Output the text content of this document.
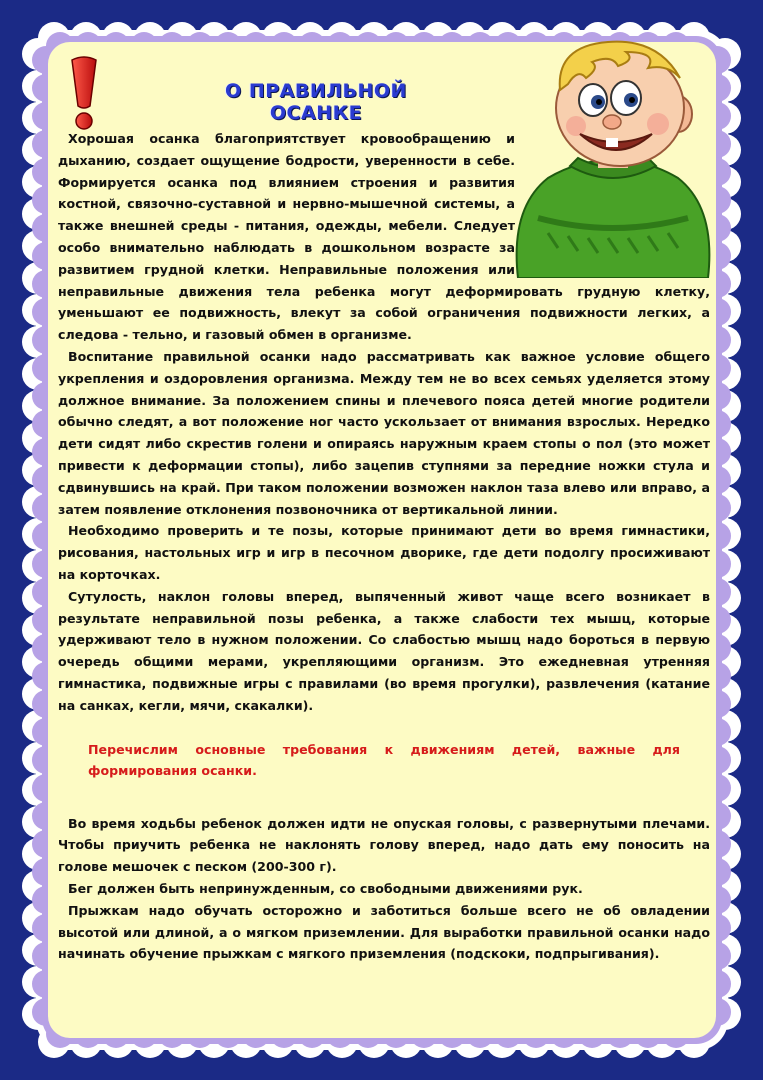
О ПРАВИЛЬНОЙ ОСАНКЕ

Хорошая осанка благоприятствует кровообращению и дыханию, создает ощущение бодрости, уверенности в себе. Формируется осанка под влиянием строения и развития костной, связочно-суставной и нервно-мышечной системы, а также внешней среды - питания, одежды, мебели. Следует особо внимательно наблюдать в дошкольном возрасте за развитием грудной клетки. Неправильные положения или неправильные движения тела ребенка могут деформировать грудную клетку, уменьшают ее подвижность, влекут за собой ограничения подвижности легких, а следова - тельно, и газовый обмен в организме.

Воспитание правильной осанки надо рассматривать как важное условие общего укрепления и оздоровления организма. Между тем не во всех семьях уделяется этому должное внимание. За положением спины и плечевого пояса детей многие родители обычно следят, а вот положение ног часто ускользает от внимания взрослых. Нередко дети сидят либо скрестив голени и опираясь наружным краем стопы о пол (это может привести к деформации стопы), либо зацепив ступнями за передние ножки стула и сдвинувшись на край. При таком положении возможен наклон таза влево или вправо, а затем появление отклонения позвоночника от вертикальной линии.

Необходимо проверить и те позы, которые принимают дети во время гимнастики, рисования, настольных игр и игр в песочном дворике, где дети подолгу просиживают на корточках.

Сутулость, наклон головы вперед, выпяченный живот чаще всего возникает в результате неправильной позы ребенка, а также слабости тех мышц, которые удерживают тело в нужном положении. Со слабостью мышц надо бороться в первую очередь общими мерами, укрепляющими организм. Это ежедневная утренняя гимнастика, подвижные игры с правилами (во время прогулки), развлечения (катание на санках, кегли, мячи, скакалки).

Перечислим основные требования к движениям детей, важные для формирования осанки.

Во время ходьбы ребенок должен идти не опуская головы, с развернутыми плечами. Чтобы приучить ребенка не наклонять голову вперед, надо дать ему поносить на голове мешочек с песком (200-300 г).

Бег должен быть непринужденным, со свободными движениями рук.

Прыжкам надо обучать осторожно и заботиться больше всего не об овладении высотой или длиной, а о мягком приземлении. Для выработки правильной осанки надо начинать обучение прыжкам с мягкого приземления (подскоки, подпрыгивания).
